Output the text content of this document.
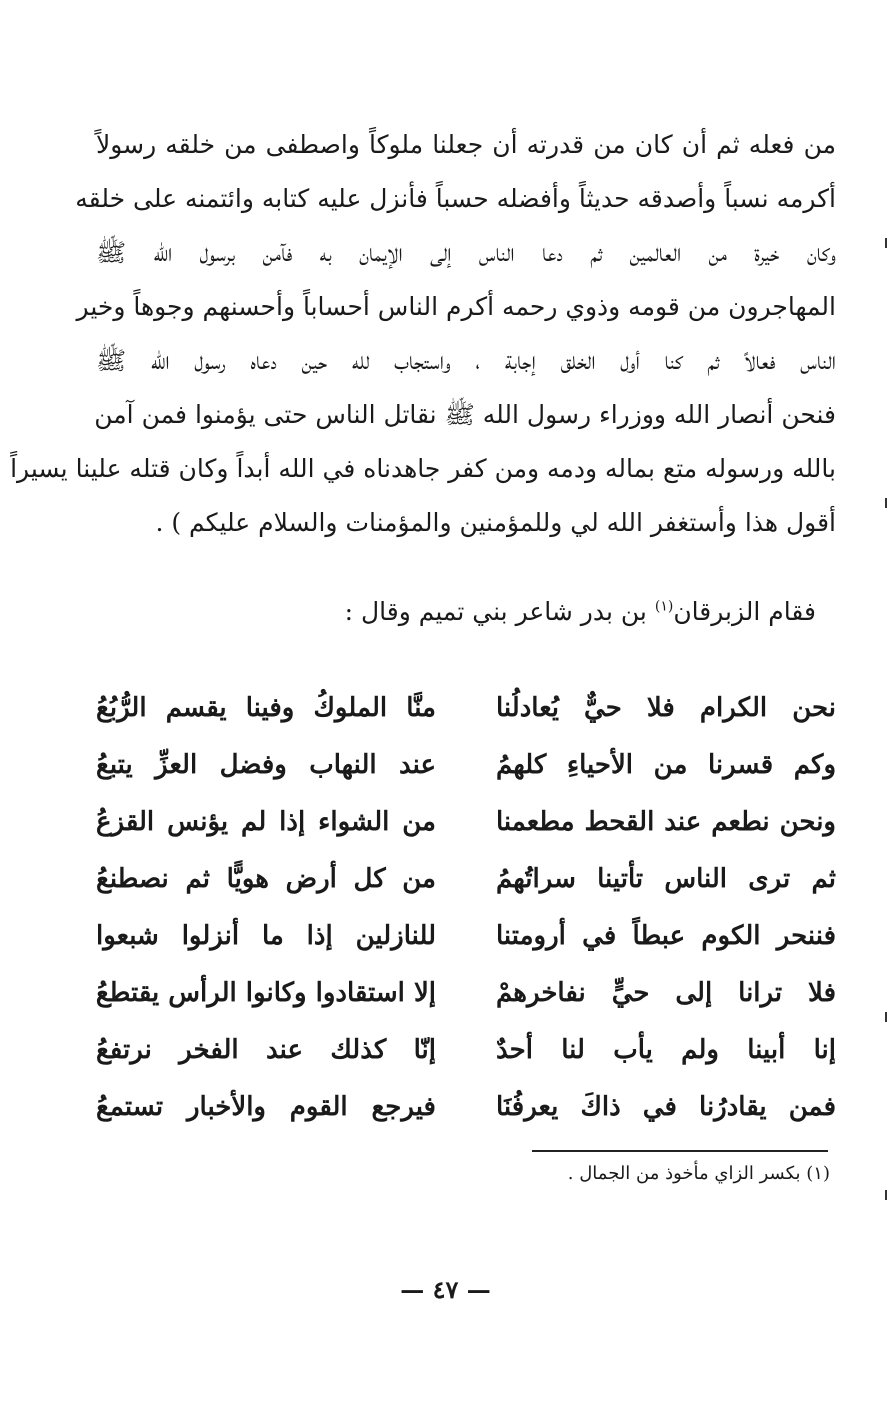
من فعله ثم أن كان من قدرته أن جعلنا ملوكاً واصطفى من خلقه رسولاً
أكرمه نسباً وأصدقه حديثاً وأفضله حسباً فأنزل عليه كتابه وائتمنه على خلقه
وكان خيرة من العالمين ثم دعا الناس إلى الإيمان به فآمن برسول الله ﷺ
المهاجرون من قومه وذوي رحمه أكرم الناس أحساباً وأحسنهم وجوهاً وخير
الناس فعالاً ثم كنا أول الخلق إجابة ، واستجاب لله حين دعاه رسول الله ﷺ
فنحن أنصار الله ووزراء رسول الله ﷺ نقاتل الناس حتى يؤمنوا فمن آمن
بالله ورسوله متع بماله ودمه ومن كفر جاهدناه في الله أبداً وكان قتله علينا يسيراً
أقول هذا وأستغفر الله لي وللمؤمنين والمؤمنات والسلام عليكم ) .
فقام الزبرقان$^{(١)}$ بن بدر شاعر بني تميم وقال :
نحن الكرام فلا حيٌّ يُعادلُنا
منَّا الملوكُ وفينا يقسم الرُّبُعُ
وكم قسرنا من الأحياءِ كلهمُ
عند النهاب وفضل العزِّ يتبعُ
ونحن نطعم عند القحط مطعمنا
من الشواء إذا لم يؤنس القزعُ
ثم ترى الناس تأتينا سراتُهمُ
من كل أرض هويًّا ثم نصطنعُ
فننحر الكوم عبطاً في أرومتنا
للنازلين إذا ما أنزلوا شبعوا
فلا ترانا إلى حيٍّ نفاخرهمْ
إلا استقادوا وكانوا الرأس يقتطعُ
إنا أبينا ولم يأب لنا أحدٌ
إنّا كذلك عند الفخر نرتفعُ
فمن يقادرُنا في ذاكَ يعرفُنَا
فيرجع القوم والأخبار تستمعُ
(١) بكسر الزاي مأخوذ من الجمال .
— ٤٧ —
